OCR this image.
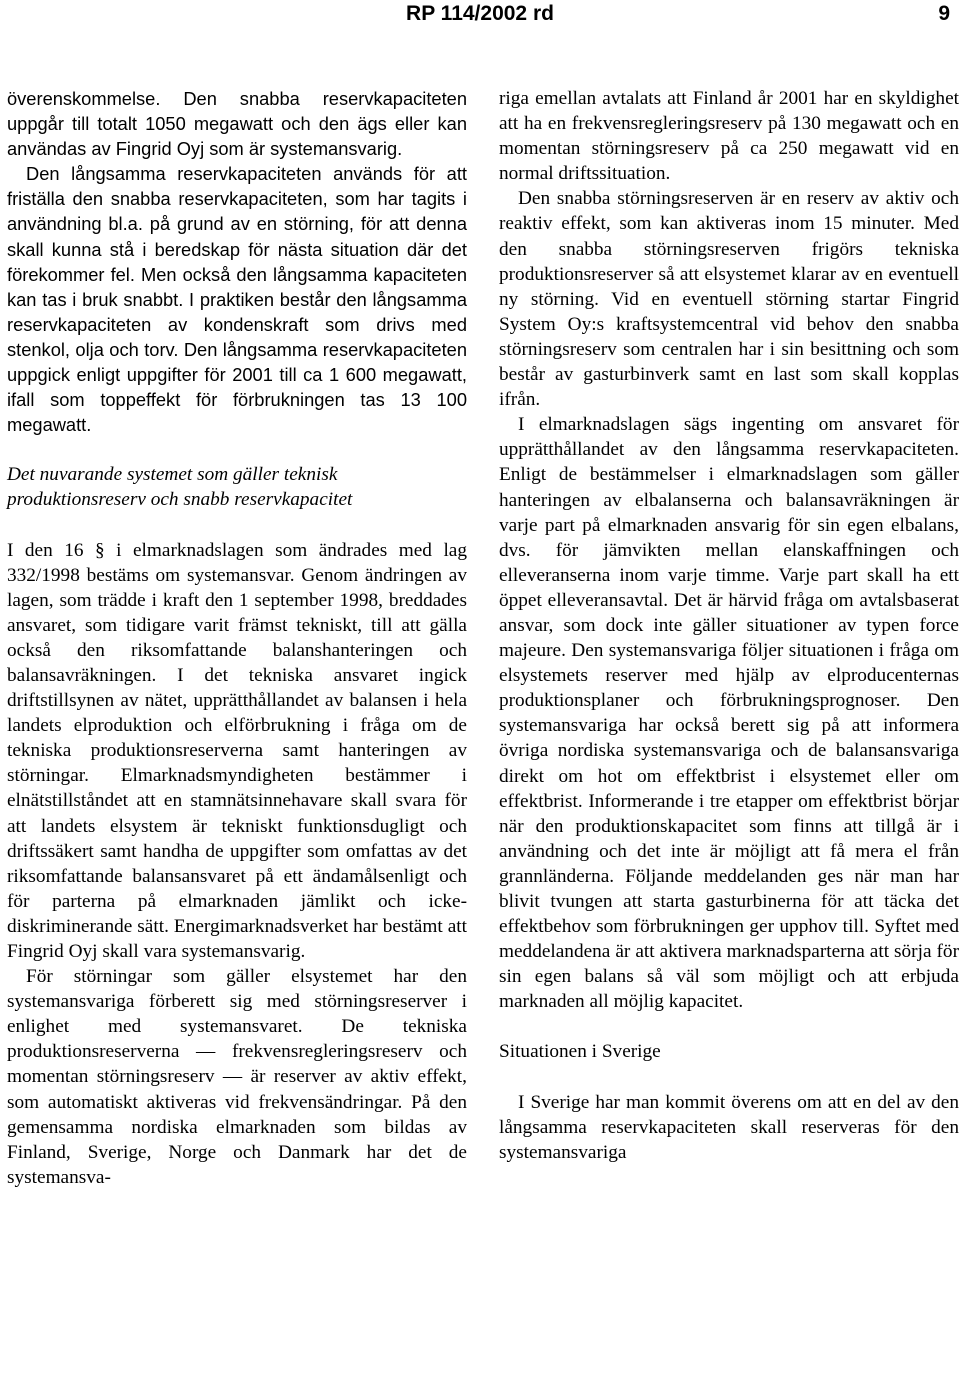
RP 114/2002 rd	9

överenskommelse. Den snabba reservkapaciteten uppgår till totalt 1050 megawatt och den ägs eller kan användas av Fingrid Oyj som är systemansvarig.

Den långsamma reservkapaciteten används för att friställa den snabba reservkapaciteten, som har tagits i användning bl.a. på grund av en störning, för att denna skall kunna stå i beredskap för nästa situation där det förekommer fel. Men också den långsamma kapaciteten kan tas i bruk snabbt. I praktiken består den långsamma reservkapaciteten av kondenskraft som drivs med stenkol, olja och torv. Den långsamma reservkapaciteten uppgick enligt uppgifter för 2001 till ca 1 600 megawatt, ifall som toppeffekt för förbrukningen tas 13 100 megawatt.

Det nuvarande systemet som gäller teknisk produktionsreserv och snabb reservkapacitet

I den 16 § i elmarknadslagen som ändrades med lag 332/1998 bestäms om systemansvar. Genom ändringen av lagen, som trädde i kraft den 1 september 1998, breddades ansvaret, som tidigare varit främst tekniskt, till att gälla också den riksomfattande balanshanteringen och balansavräkningen. I det tekniska ansvaret ingick driftstillsynen av nätet, upprätthållandet av balansen i hela landets elproduktion och elförbrukning i fråga om de tekniska produktionsreserverna samt hanteringen av störningar. Elmarknadsmyndigheten bestämmer i elnätstillståndet att en stamnätsinnehavare skall svara för att landets elsystem är tekniskt funktionsdugligt och driftssäkert samt handha de uppgifter som omfattas av det riksomfattande balansansvaret på ett ändamålsenligt och för parterna på elmarknaden jämlikt och icke-diskriminerande sätt. Energimarknadsverket har bestämt att Fingrid Oyj skall vara systemansvarig.

För störningar som gäller elsystemet har den systemansvariga förberett sig med störningsreserver i enlighet med systemansvaret. De tekniska produktionsreserverna — frekvensregleringsreserv och momentan störningsreserv — är reserver av aktiv effekt, som automatiskt aktiveras vid frekvensändringar. På den gemensamma nordiska elmarknaden som bildas av Finland, Sverige, Norge och Danmark har det de systemansva-

riga emellan avtalats att Finland år 2001 har en skyldighet att ha en frekvensregleringsreserv på 130 megawatt och en momentan störningsreserv på ca 250 megawatt vid en normal driftssituation.

Den snabba störningsreserven är en reserv av aktiv och reaktiv effekt, som kan aktiveras inom 15 minuter. Med den snabba störningsreserven frigörs tekniska produktionsreserver så att elsystemet klarar av en eventuell ny störning. Vid en eventuell störning startar Fingrid System Oy:s kraftsystemcentral vid behov den snabba störningsreserv som centralen har i sin besittning och som består av gasturbinverk samt en last som skall kopplas ifrån.

I elmarknadslagen sägs ingenting om ansvaret för upprätthållandet av den långsamma reservkapaciteten. Enligt de bestämmelser i elmarknadslagen som gäller hanteringen av elbalanserna och balansavräkningen är varje part på elmarknaden ansvarig för sin egen elbalans, dvs. för jämvikten mellan elanskaffningen och elleveranserna inom varje timme. Varje part skall ha ett öppet elleveransavtal. Det är härvid fråga om avtalsbaserat ansvar, som dock inte gäller situationer av typen force majeure. Den systemansvariga följer situationen i fråga om elsystemets reserver med hjälp av elproducenternas produktionsplaner och förbrukningsprognoser. Den systemansvariga har också berett sig på att informera övriga nordiska systemansvariga och de balansansvariga direkt om hot om effektbrist i elsystemet eller om effektbrist. Informerande i tre etapper om effektbrist börjar när den produktionskapacitet som finns att tillgå är i användning och det inte är möjligt att få mera el från grannländerna. Följande meddelanden ges när man har blivit tvungen att starta gasturbinerna för att täcka det effektbehov som förbrukningen ger upphov till. Syftet med meddelandena är att aktivera marknadsparterna att sörja för sin egen balans så väl som möjligt och att erbjuda marknaden all möjlig kapacitet.

Situationen i Sverige

I Sverige har man kommit överens om att en del av den långsamma reservkapaciteten skall reserveras för den systemansvariga
